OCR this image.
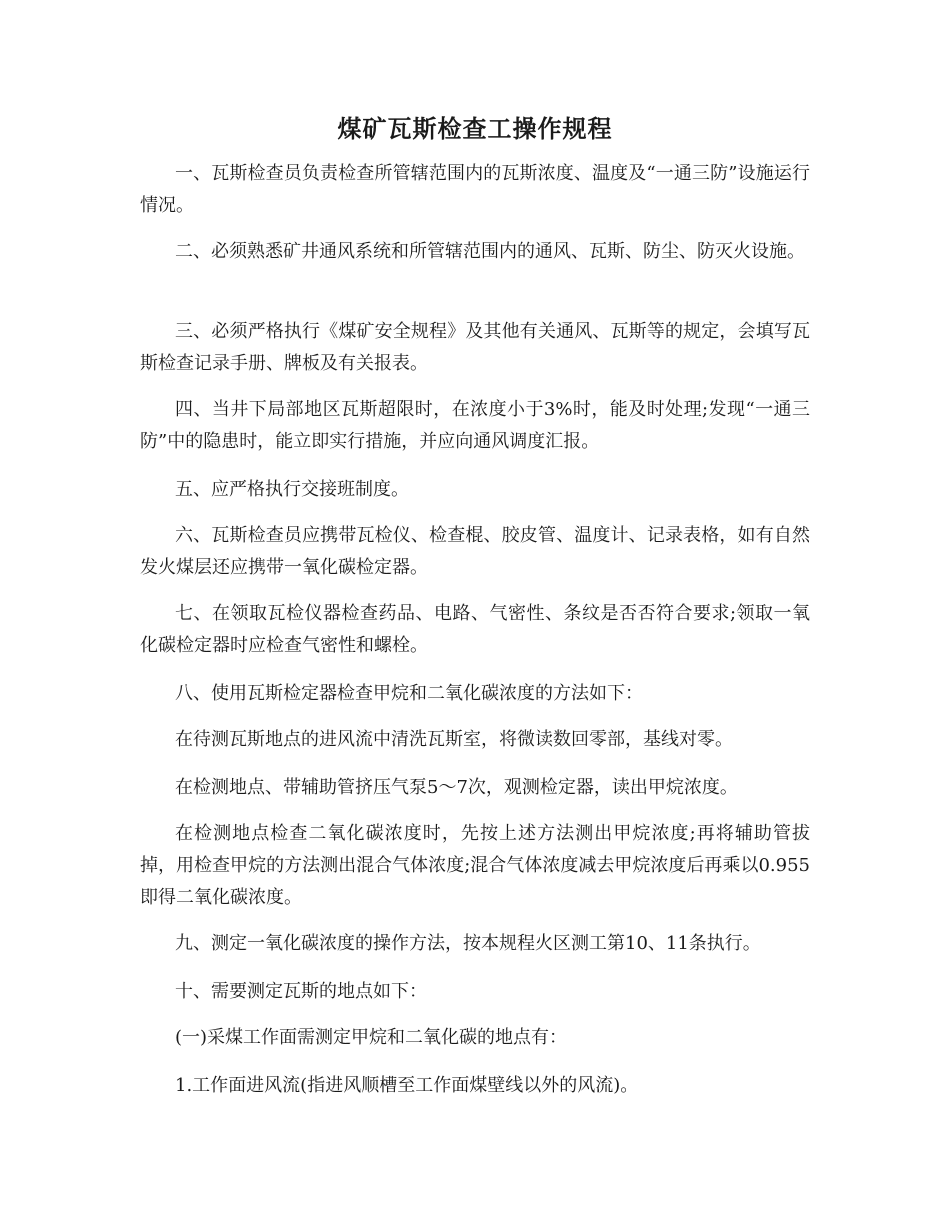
煤矿瓦斯检查工操作规程

一、瓦斯检查员负责检查所管辖范围内的瓦斯浓度、温度及“一通三防”设施运行情况。

二、必须熟悉矿井通风系统和所管辖范围内的通风、瓦斯、防尘、防灭火设施。

三、必须严格执行《煤矿安全规程》及其他有关通风、瓦斯等的规定，会填写瓦斯检查记录手册、牌板及有关报表。

四、当井下局部地区瓦斯超限时，在浓度小于3%时，能及时处理;发现“一通三防”中的隐患时，能立即实行措施，并应向通风调度汇报。

五、应严格执行交接班制度。

六、瓦斯检查员应携带瓦检仪、检查棍、胶皮管、温度计、记录表格，如有自然发火煤层还应携带一氧化碳检定器。

七、在领取瓦检仪器检查药品、电路、气密性、条纹是否否符合要求;领取一氧化碳检定器时应检查气密性和螺栓。

八、使用瓦斯检定器检查甲烷和二氧化碳浓度的方法如下：

在待测瓦斯地点的进风流中清洗瓦斯室，将微读数回零部，基线对零。

在检测地点、带辅助管挤压气泵5～7次，观测检定器，读出甲烷浓度。

在检测地点检查二氧化碳浓度时，先按上述方法测出甲烷浓度;再将辅助管拔掉，用检查甲烷的方法测出混合气体浓度;混合气体浓度减去甲烷浓度后再乘以0.955即得二氧化碳浓度。

九、测定一氧化碳浓度的操作方法，按本规程火区测工第10、11条执行。

十、需要测定瓦斯的地点如下：

(一)采煤工作面需测定甲烷和二氧化碳的地点有：

1.工作面进风流(指进风顺槽至工作面煤壁线以外的风流)。
